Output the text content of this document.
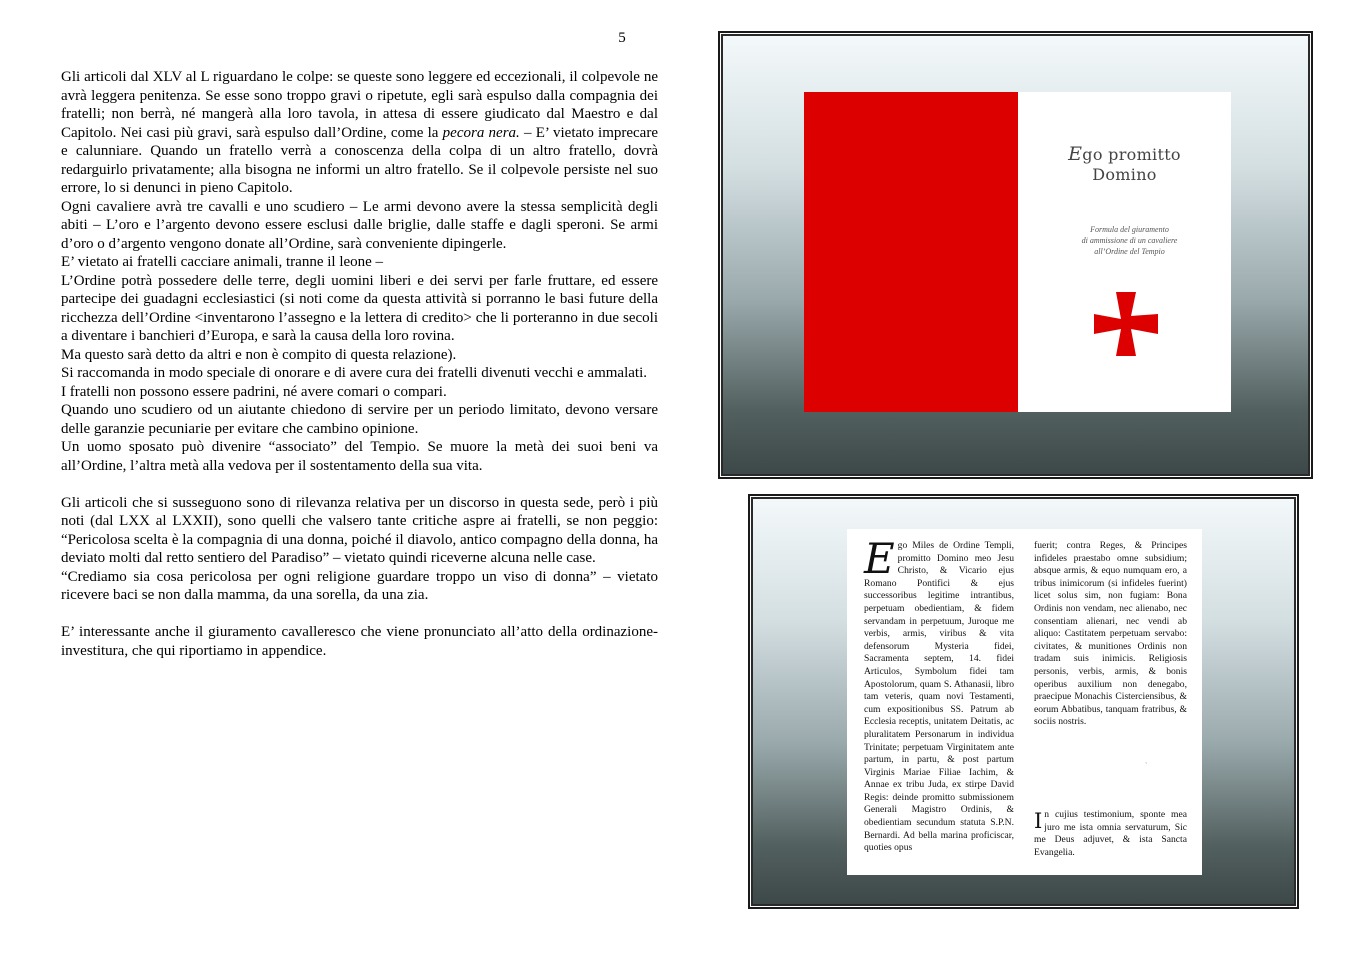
5

Gli articoli dal XLV al L riguardano le colpe: se queste sono leggere ed eccezionali, il colpevole ne avrà leggera penitenza. Se esse sono troppo gravi o ripetute, egli sarà espulso dalla compagnia dei fratelli; non berrà, né mangerà alla loro tavola, in attesa di essere giudicato dal Maestro e dal Capitolo. Nei casi più gravi, sarà espulso dall’Ordine, come la pecora nera. – E’ vietato imprecare e calunniare. Quando un fratello verrà a conoscenza della colpa di un altro fratello, dovrà redarguirlo privatamente; alla bisogna ne informi un altro fratello. Se il colpevole persiste nel suo errore, lo si denunci in pieno Capitolo.

Ogni cavaliere avrà tre cavalli e uno scudiero – Le armi devono avere la stessa semplicità degli abiti – L’oro e l’argento devono essere esclusi dalle briglie, dalle staffe e dagli speroni. Se armi d’oro o d’argento vengono donate all’Ordine, sarà conveniente dipingerle.

E’ vietato ai fratelli cacciare animali, tranne il leone –

L’Ordine potrà possedere delle terre, degli uomini liberi e dei servi per farle fruttare, ed essere partecipe dei guadagni ecclesiastici (si noti come da questa attività si porranno le basi future della ricchezza dell’Ordine <inventarono l’assegno e la lettera di credito> che li porteranno in due secoli a diventare i banchieri d’Europa, e sarà la causa della loro rovina.

Ma questo sarà detto da altri e non è compito di questa relazione).

Si raccomanda in modo speciale di onorare e di avere cura dei fratelli divenuti vecchi e ammalati.

I fratelli non possono essere padrini, né avere comari o compari.

Quando uno scudiero od un aiutante chiedono di servire per un periodo limitato, devono versare delle garanzie pecuniarie per evitare che cambino opinione.

Un uomo sposato può divenire “associato” del Tempio. Se muore la metà dei suoi beni va all’Ordine, l’altra metà alla vedova per il sostentamento della sua vita.

Gli articoli che si susseguono sono di rilevanza relativa per un discorso in questa sede, però i più noti (dal LXX al LXXII), sono quelli che valsero tante critiche aspre ai fratelli, se non peggio: “Pericolosa scelta è la compagnia di una donna, poiché il diavolo, antico compagno della donna, ha deviato molti dal retto sentiero del Paradiso” – vietato quindi riceverne alcuna nelle case.

“Crediamo sia cosa pericolosa per ogni religione guardare troppo un viso di donna” – vietato ricevere baci se non dalla mamma, da una sorella, da una zia.

E’ interessante anche il giuramento cavalleresco che viene pronunciato all’atto della ordinazione-investitura, che qui riportiamo in appendice.

Ego promitto
Domino
Formula del giuramento
di ammissione di un cavaliere
all’Ordine del Tempio

Ego Miles de Ordine Templi, promitto Domino meo Jesu Christo, & Vicario ejus Romano Pontifici & ejus successoribus legitime intrantibus, perpetuam obedientiam, & fidem servandam in perpetuum, Juroque me verbis, armis, viribus & vita defensorum Mysteria fidei, Sacramenta septem, 14. fidei Articulos, Symbolum fidei tam Apostolorum, quam S. Athanasii, libro tam veteris, quam novi Testamenti, cum expositionibus SS. Patrum ab Ecclesia receptis, unitatem Deitatis, ac pluralitatem Personarum in individua Trinitate; perpetuam Virginitatem ante partum, in partu, & post partum Virginis Mariae Filiae Iachim, & Annae ex tribu Juda, ex stirpe David Regis: deinde promitto submissionem Generali Magistro Ordinis, & obedientiam secundum statuta S.P.N. Bernardi. Ad bella marina proficiscar, quoties opus

fuerit; contra Reges, & Principes infideles praestabo omne subsidium; absque armis, & equo numquam ero, a tribus inimicorum (si infideles fuerint) licet solus sim, non fugiam: Bona Ordinis non vendam, nec alienabo, nec consentiam alienari, nec vendi ab aliquo: Castitatem perpetuam servabo: civitates, & munitiones Ordinis non tradam suis inimicis. Religiosis personis, verbis, armis, & bonis operibus auxilium non denegabo, praecipue Monachis Cisterciensibus, & eorum Abbatibus, tanquam fratribus, & sociis nostris.

ˎ

In cujius testimonium, sponte mea juro me ista omnia servaturum, Sic me Deus adjuvet, & ista Sancta Evangelia.
